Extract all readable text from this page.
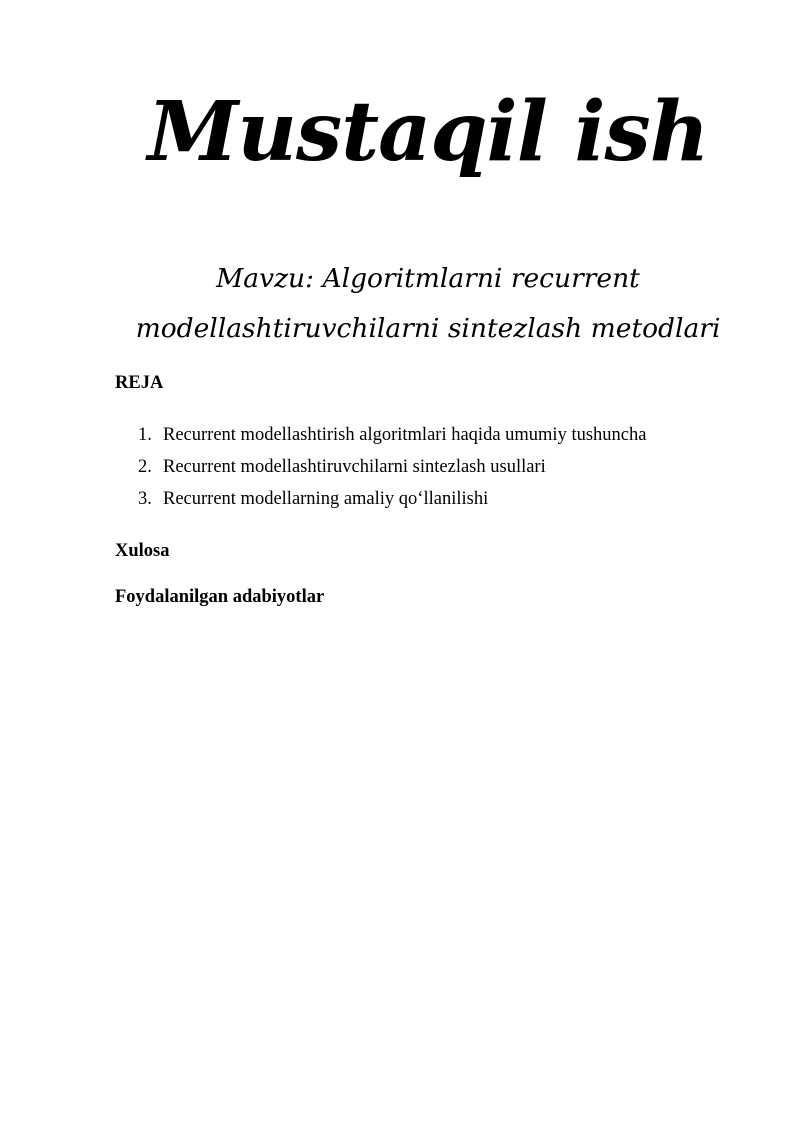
Mustaqil ish
Mavzu: Algoritmlarni recurrent
modellashtiruvchilarni sintezlash metodlari
REJA
1. Recurrent modellashtirish algoritmlari haqida umumiy tushuncha
2. Recurrent modellashtiruvchilarni sintezlash usullari
3. Recurrent modellarning amaliy qo‘llanilishi
Xulosa
Foydalanilgan adabiyotlar
